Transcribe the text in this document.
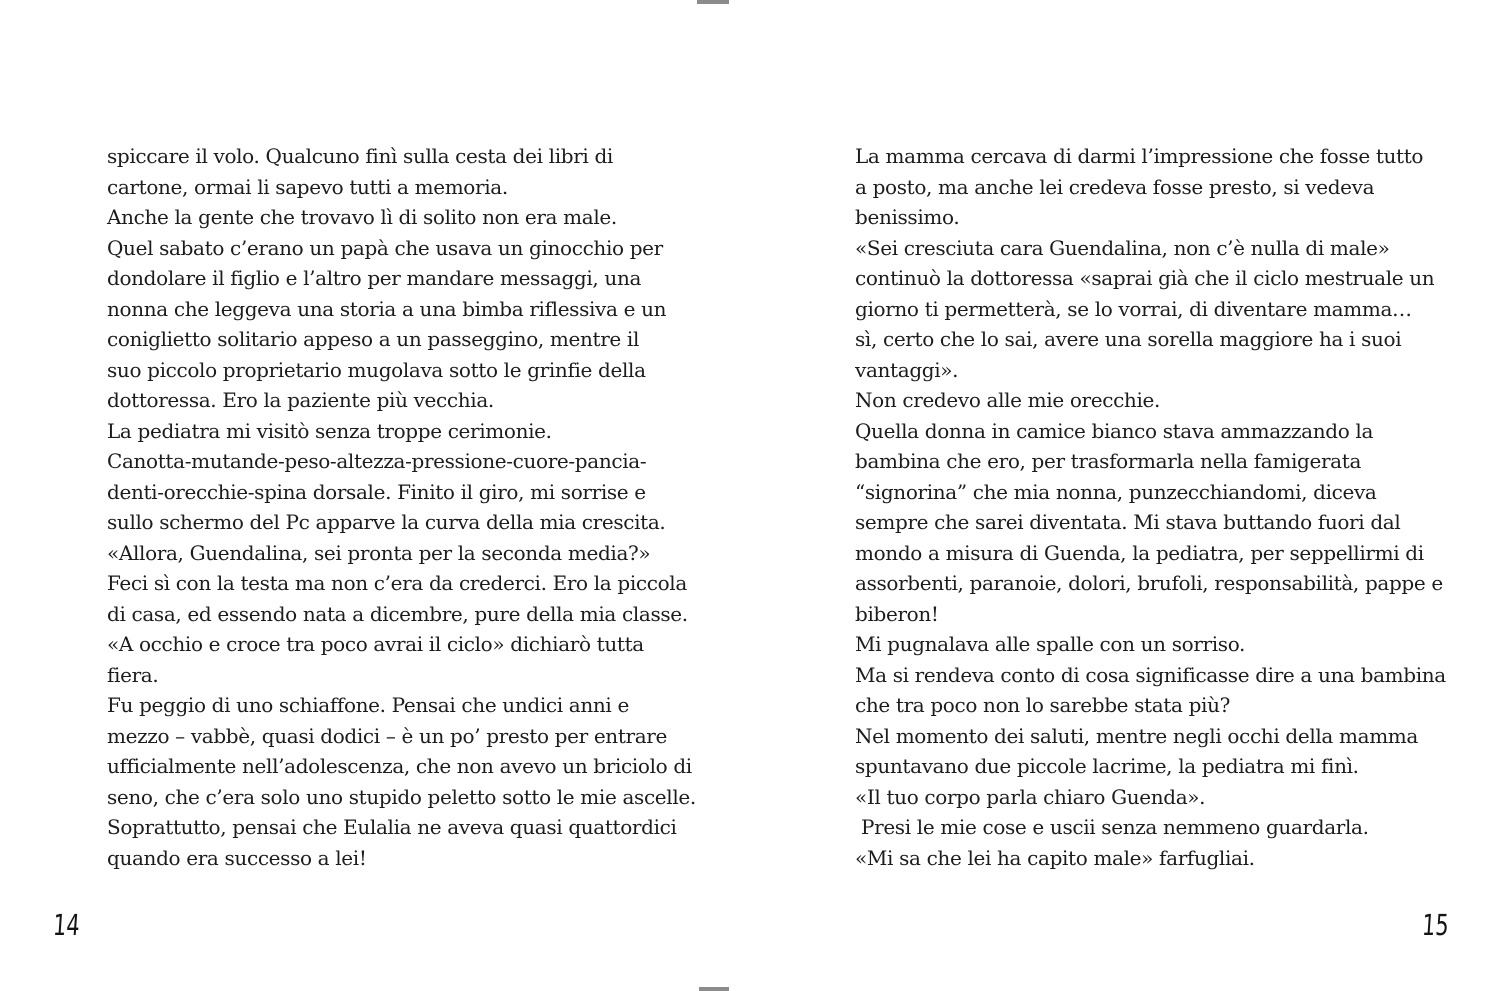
spiccare il volo. Qualcuno finì sulla cesta dei libri di
cartone, ormai li sapevo tutti a memoria.
Anche la gente che trovavo lì di solito non era male.
Quel sabato c’erano un papà che usava un ginocchio per
dondolare il figlio e l’altro per mandare messaggi, una
nonna che leggeva una storia a una bimba riflessiva e un
coniglietto solitario appeso a un passeggino, mentre il
suo piccolo proprietario mugolava sotto le grinfie della
dottoressa. Ero la paziente più vecchia.
La pediatra mi visitò senza troppe cerimonie.
Canotta-mutande-peso-altezza-pressione-cuore-pancia-
denti-orecchie-spina dorsale. Finito il giro, mi sorrise e
sullo schermo del Pc apparve la curva della mia crescita.
«Allora, Guendalina, sei pronta per la seconda media?»
Feci sì con la testa ma non c’era da crederci. Ero la piccola
di casa, ed essendo nata a dicembre, pure della mia classe.
«A occhio e croce tra poco avrai il ciclo» dichiarò tutta
fiera.
Fu peggio di uno schiaffone. Pensai che undici anni e
mezzo – vabbè, quasi dodici – è un po’ presto per entrare
ufficialmente nell’adolescenza, che non avevo un briciolo di
seno, che c’era solo uno stupido peletto sotto le mie ascelle.
Soprattutto, pensai che Eulalia ne aveva quasi quattordici
quando era successo a lei!
La mamma cercava di darmi l’impressione che fosse tutto
a posto, ma anche lei credeva fosse presto, si vedeva
benissimo.
«Sei cresciuta cara Guendalina, non c’è nulla di male»
continuò la dottoressa «saprai già che il ciclo mestruale un
giorno ti permetterà, se lo vorrai, di diventare mamma…
sì, certo che lo sai, avere una sorella maggiore ha i suoi
vantaggi».
Non credevo alle mie orecchie.
Quella donna in camice bianco stava ammazzando la
bambina che ero, per trasformarla nella famigerata
“signorina” che mia nonna, punzecchiandomi, diceva
sempre che sarei diventata. Mi stava buttando fuori dal
mondo a misura di Guenda, la pediatra, per seppellirmi di
assorbenti, paranoie, dolori, brufoli, responsabilità, pappe e
biberon!
Mi pugnalava alle spalle con un sorriso.
Ma si rendeva conto di cosa significasse dire a una bambina
che tra poco non lo sarebbe stata più?
Nel momento dei saluti, mentre negli occhi della mamma
spuntavano due piccole lacrime, la pediatra mi finì.
«Il tuo corpo parla chiaro Guenda».
Presi le mie cose e uscii senza nemmeno guardarla.
«Mi sa che lei ha capito male» farfugliai.
14	15
